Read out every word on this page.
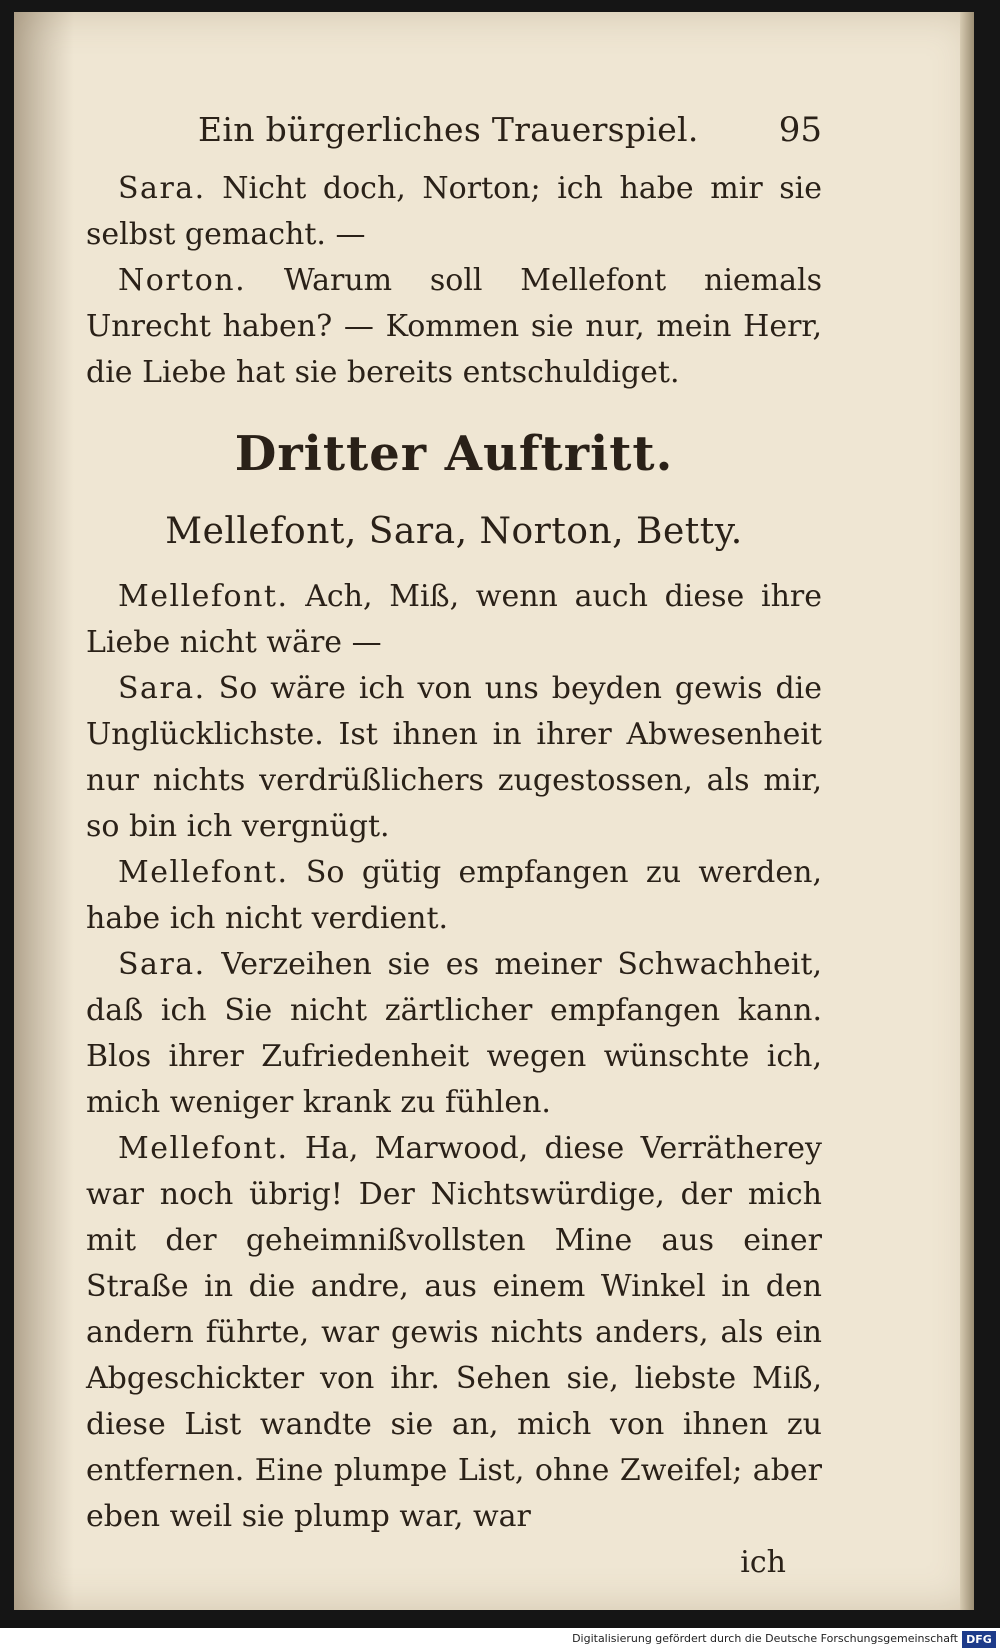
Ein bürgerliches Trauerspiel. 95

Sara. Nicht doch, Norton; ich habe mir sie selbst gemacht. —

Norton. Warum soll Mellefont niemals Unrecht haben? — Kommen sie nur, mein Herr, die Liebe hat sie bereits entschuldiget.

Dritter Auftritt.
Mellefont, Sara, Norton, Betty.

Mellefont. Ach, Miß, wenn auch diese ihre Liebe nicht wäre —

Sara. So wäre ich von uns beyden gewis die Unglücklichste. Ist ihnen in ihrer Abwesenheit nur nichts verdrüßlichers zugestossen, als mir, so bin ich vergnügt.

Mellefont. So gütig empfangen zu werden, habe ich nicht verdient.

Sara. Verzeihen sie es meiner Schwachheit, daß ich Sie nicht zärtlicher empfangen kann. Blos ihrer Zufriedenheit wegen wünschte ich, mich weniger krank zu fühlen.

Mellefont. Ha, Marwood, diese Verrätherey war noch übrig! Der Nichtswürdige, der mich mit der geheimnißvollsten Mine aus einer Straße in die andre, aus einem Winkel in den andern führte, war gewis nichts anders, als ein Abgeschickter von ihr. Sehen sie, liebste Miß, diese List wandte sie an, mich von ihnen zu entfernen. Eine plumpe List, ohne Zweifel; aber eben weil sie plump war, war

ich
Digitalisierung gefördert durch die Deutsche Forschungsgemeinschaft DFG
